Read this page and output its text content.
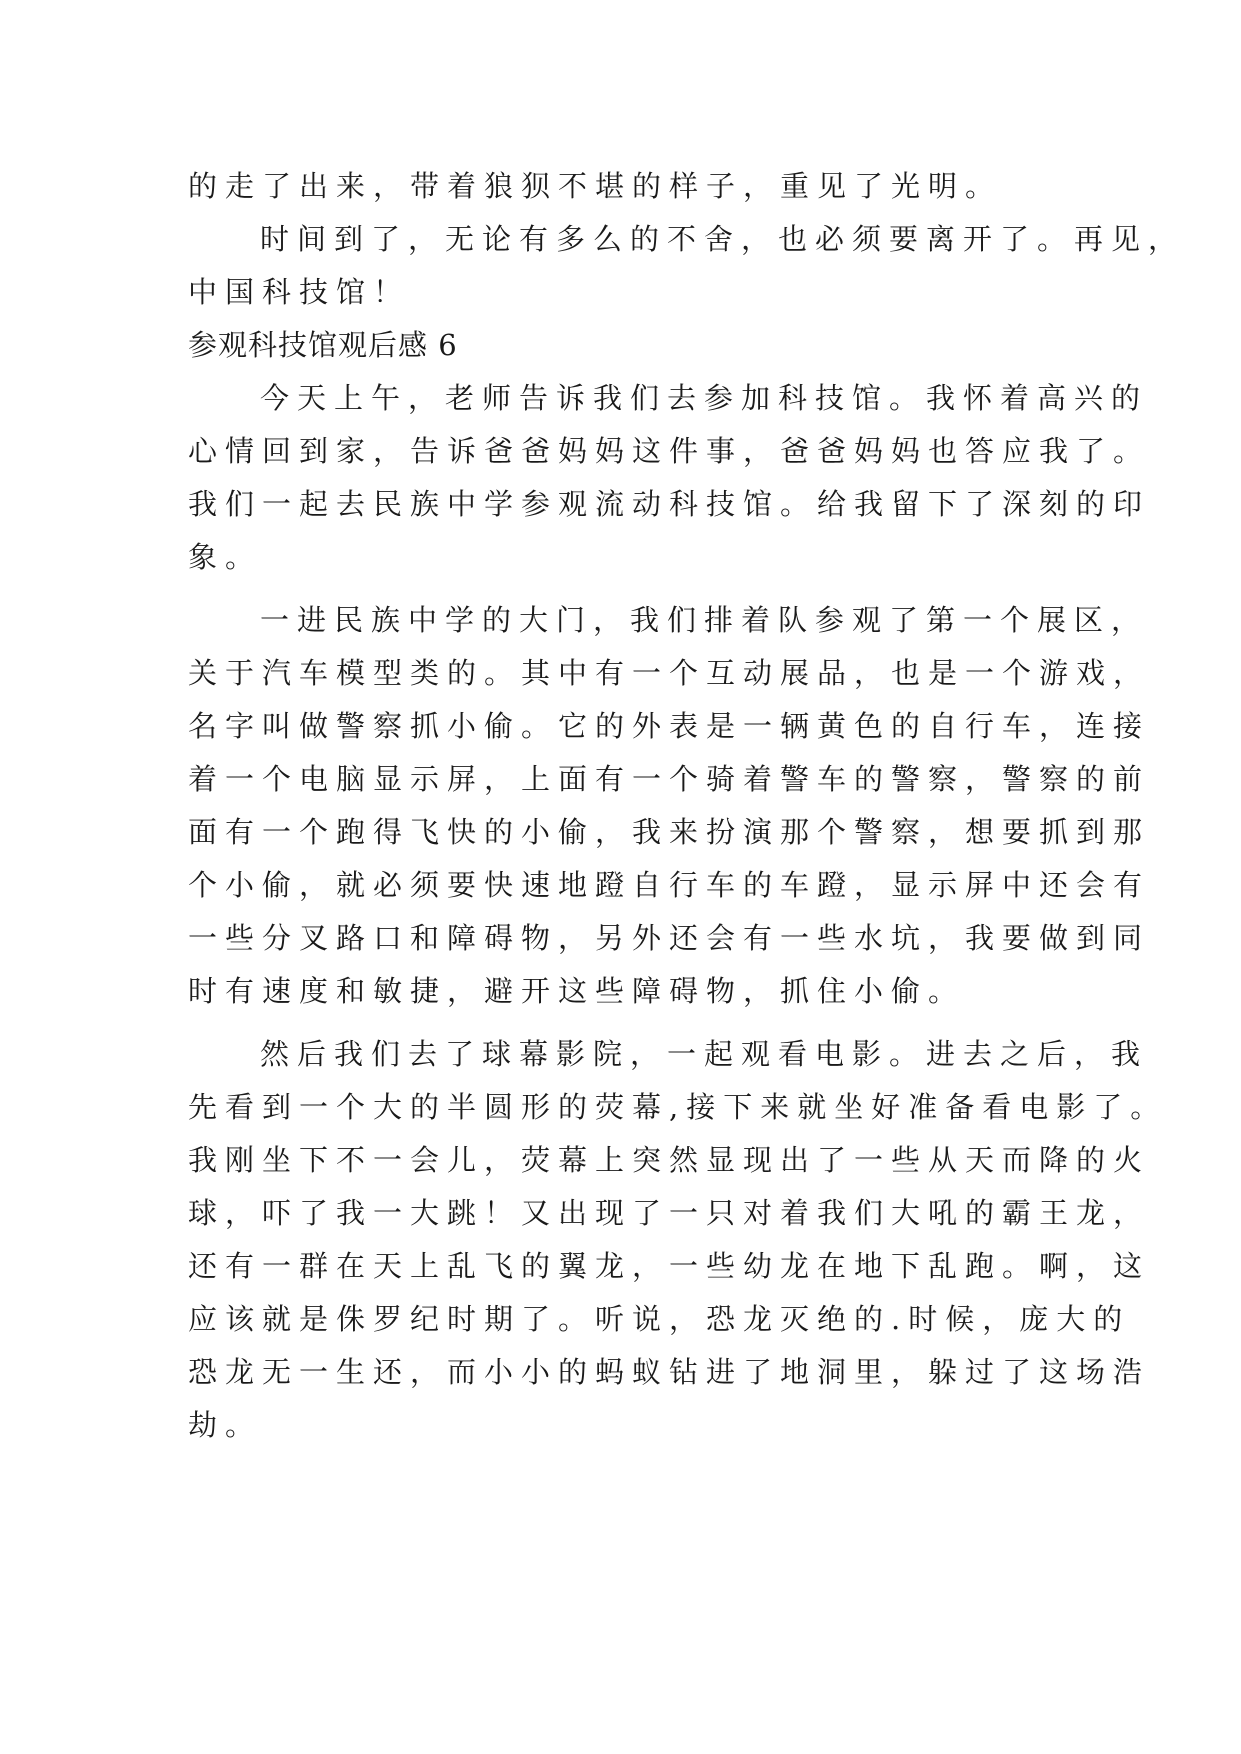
的走了出来，带着狼狈不堪的样子，重见了光明。
时间到了，无论有多么的不舍，也必须要离开了。再见，
中国科技馆！
参观科技馆观后感 6
今天上午，老师告诉我们去参加科技馆。我怀着高兴的
心情回到家，告诉爸爸妈妈这件事，爸爸妈妈也答应我了。
我们一起去民族中学参观流动科技馆。给我留下了深刻的印
象。
一进民族中学的大门，我们排着队参观了第一个展区，
关于汽车模型类的。其中有一个互动展品，也是一个游戏，
名字叫做警察抓小偷。它的外表是一辆黄色的自行车，连接
着一个电脑显示屏，上面有一个骑着警车的警察，警察的前
面有一个跑得飞快的小偷，我来扮演那个警察，想要抓到那
个小偷，就必须要快速地蹬自行车的车蹬，显示屏中还会有
一些分叉路口和障碍物，另外还会有一些水坑，我要做到同
时有速度和敏捷，避开这些障碍物，抓住小偷。
然后我们去了球幕影院，一起观看电影。进去之后，我
先看到一个大的半圆形的荧幕,接下来就坐好准备看电影了。
我刚坐下不一会儿，荧幕上突然显现出了一些从天而降的火
球，吓了我一大跳！又出现了一只对着我们大吼的霸王龙，
还有一群在天上乱飞的翼龙，一些幼龙在地下乱跑。啊，这
应该就是侏罗纪时期了。听说，恐龙灭绝的.时候，庞大的
恐龙无一生还，而小小的蚂蚁钻进了地洞里，躲过了这场浩
劫。
